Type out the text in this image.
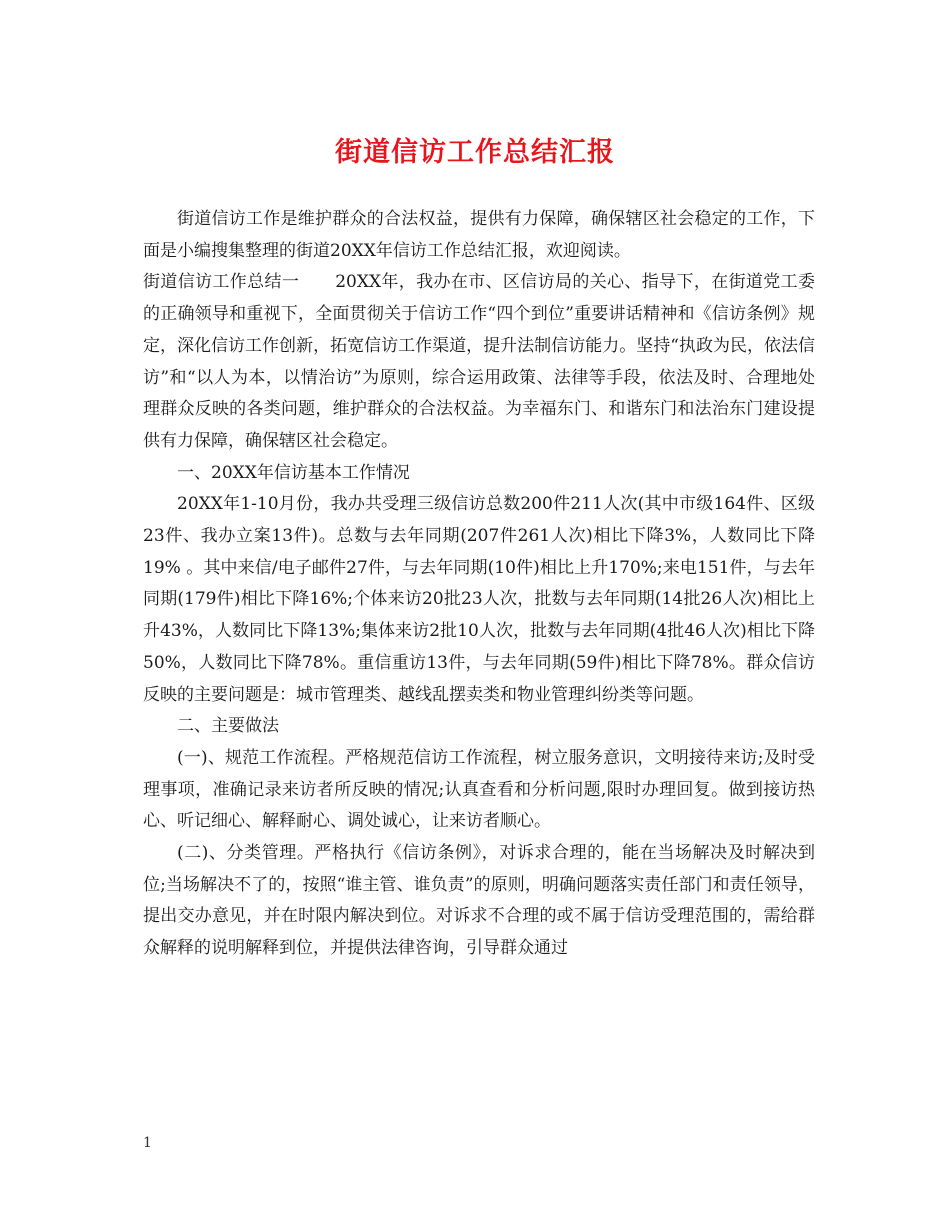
街道信访工作总结汇报

街道信访工作是维护群众的合法权益，提供有力保障，确保辖区社会稳定的工作，下面是小编搜集整理的街道20XX年信访工作总结汇报，欢迎阅读。

街道信访工作总结一 20XX年，我办在市、区信访局的关心、指导下，在街道党工委的正确领导和重视下，全面贯彻关于信访工作“四个到位”重要讲话精神和《信访条例》规定，深化信访工作创新，拓宽信访工作渠道，提升法制信访能力。坚持“执政为民，依法信访”和“以人为本，以情治访”为原则，综合运用政策、法律等手段，依法及时、合理地处理群众反映的各类问题，维护群众的合法权益。为幸福东门、和谐东门和法治东门建设提供有力保障，确保辖区社会稳定。

一、20XX年信访基本工作情况

20XX年1-10月份，我办共受理三级信访总数200件211人次(其中市级164件、区级23件、我办立案13件)。总数与去年同期(207件261人次)相比下降3%，人数同比下降19% 。其中来信/电子邮件27件，与去年同期(10件)相比上升170%;来电151件，与去年同期(179件)相比下降16%;个体来访20批23人次，批数与去年同期(14批26人次)相比上升43%，人数同比下降13%;集体来访2批10人次，批数与去年同期(4批46人次)相比下降50%，人数同比下降78%。重信重访13件，与去年同期(59件)相比下降78%。群众信访反映的主要问题是：城市管理类、越线乱摆卖类和物业管理纠纷类等问题。

二、主要做法

(一)、规范工作流程。严格规范信访工作流程，树立服务意识，文明接待来访;及时受理事项，准确记录来访者所反映的情况;认真查看和分析问题,限时办理回复。做到接访热心、听记细心、解释耐心、调处诚心，让来访者顺心。

(二)、分类管理。严格执行《信访条例》，对诉求合理的，能在当场解决及时解决到位;当场解决不了的，按照“谁主管、谁负责”的原则，明确问题落实责任部门和责任领导，提出交办意见，并在时限内解决到位。对诉求不合理的或不属于信访受理范围的，需给群众解释的说明解释到位，并提供法律咨询，引导群众通过

1
